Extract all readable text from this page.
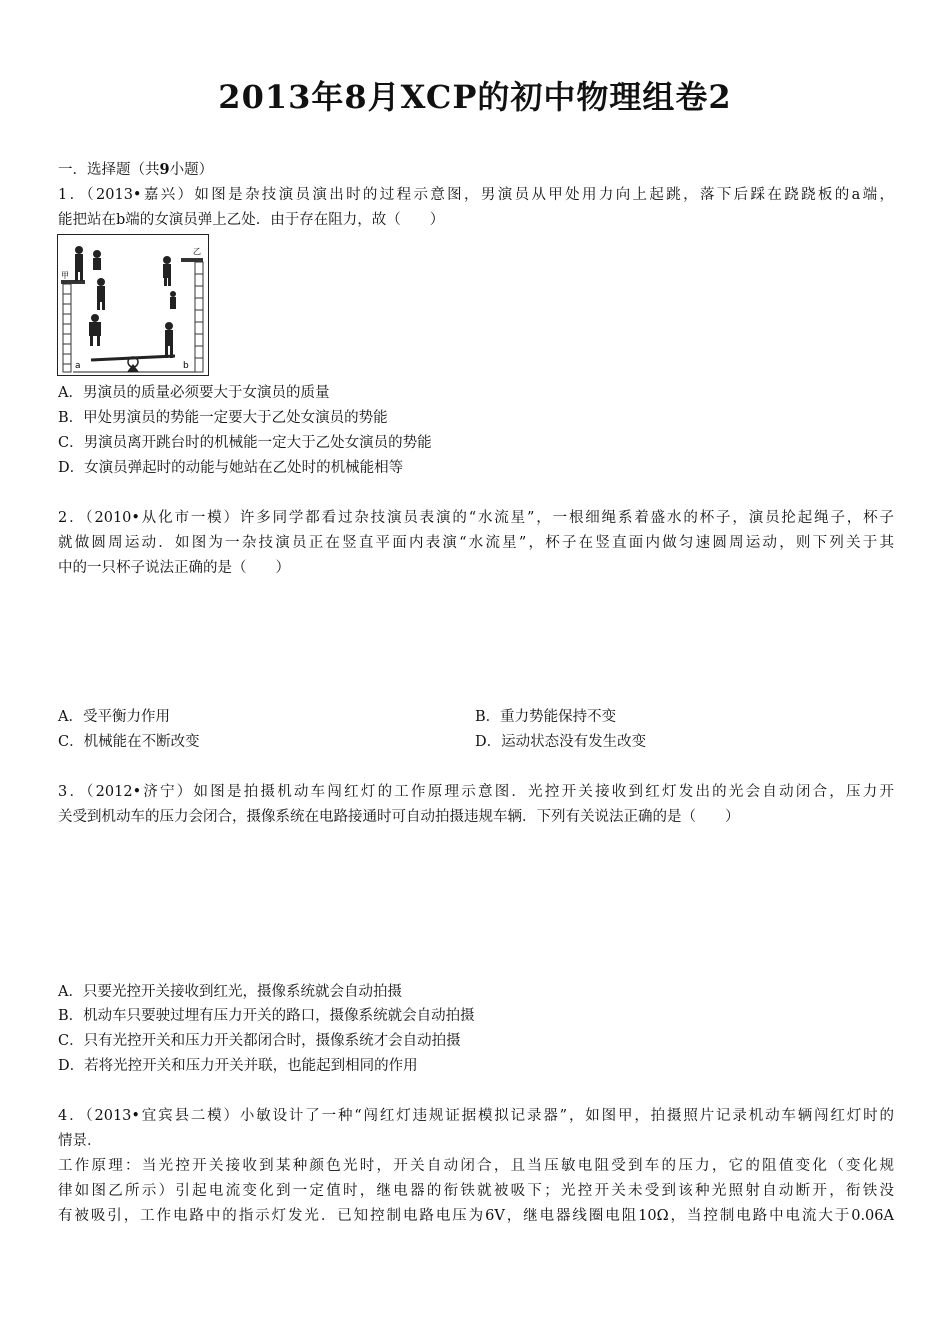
2013年8月XCP的初中物理组卷2
一．选择题（共9小题）
1．（2013•嘉兴）如图是杂技演员演出时的过程示意图，男演员从甲处用力向上起跳，落下后踩在跷跷板的a端，
能把站在b端的女演员弹上乙处．由于存在阻力，故（　　）
a	b
甲
乙
A．男演员的质量必须要大于女演员的质量
B．甲处男演员的势能一定要大于乙处女演员的势能
C．男演员离开跳台时的机械能一定大于乙处女演员的势能
D．女演员弹起时的动能与她站在乙处时的机械能相等
2．（2010•从化市一模）许多同学都看过杂技演员表演的“水流星”，一根细绳系着盛水的杯子，演员抡起绳子，杯子
就做圆周运动．如图为一杂技演员正在竖直平面内表演“水流星”，杯子在竖直面内做匀速圆周运动，则下列关于其
中的一只杯子说法正确的是（　　）
A．受平衡力作用	B．重力势能保持不变
C．机械能在不断改变	D．运动状态没有发生改变
3．（2012•济宁）如图是拍摄机动车闯红灯的工作原理示意图．光控开关接收到红灯发出的光会自动闭合，压力开
关受到机动车的压力会闭合，摄像系统在电路接通时可自动拍摄违规车辆．下列有关说法正确的是（　　）
A．只要光控开关接收到红光，摄像系统就会自动拍摄
B．机动车只要驶过埋有压力开关的路口，摄像系统就会自动拍摄
C．只有光控开关和压力开关都闭合时，摄像系统才会自动拍摄
D．若将光控开关和压力开关并联，也能起到相同的作用
4．（2013•宜宾县二模）小敏设计了一种“闯红灯违规证据模拟记录器”，如图甲，拍摄照片记录机动车辆闯红灯时的
情景．
工作原理：当光控开关接收到某种颜色光时，开关自动闭合，且当压敏电阻受到车的压力，它的阻值变化（变化规
律如图乙所示）引起电流变化到一定值时，继电器的衔铁就被吸下；光控开关未受到该种光照射自动断开，衔铁没
有被吸引，工作电路中的指示灯发光．已知控制电路电压为6V，继电器线圈电阻10Ω，当控制电路中电流大于0.06A
